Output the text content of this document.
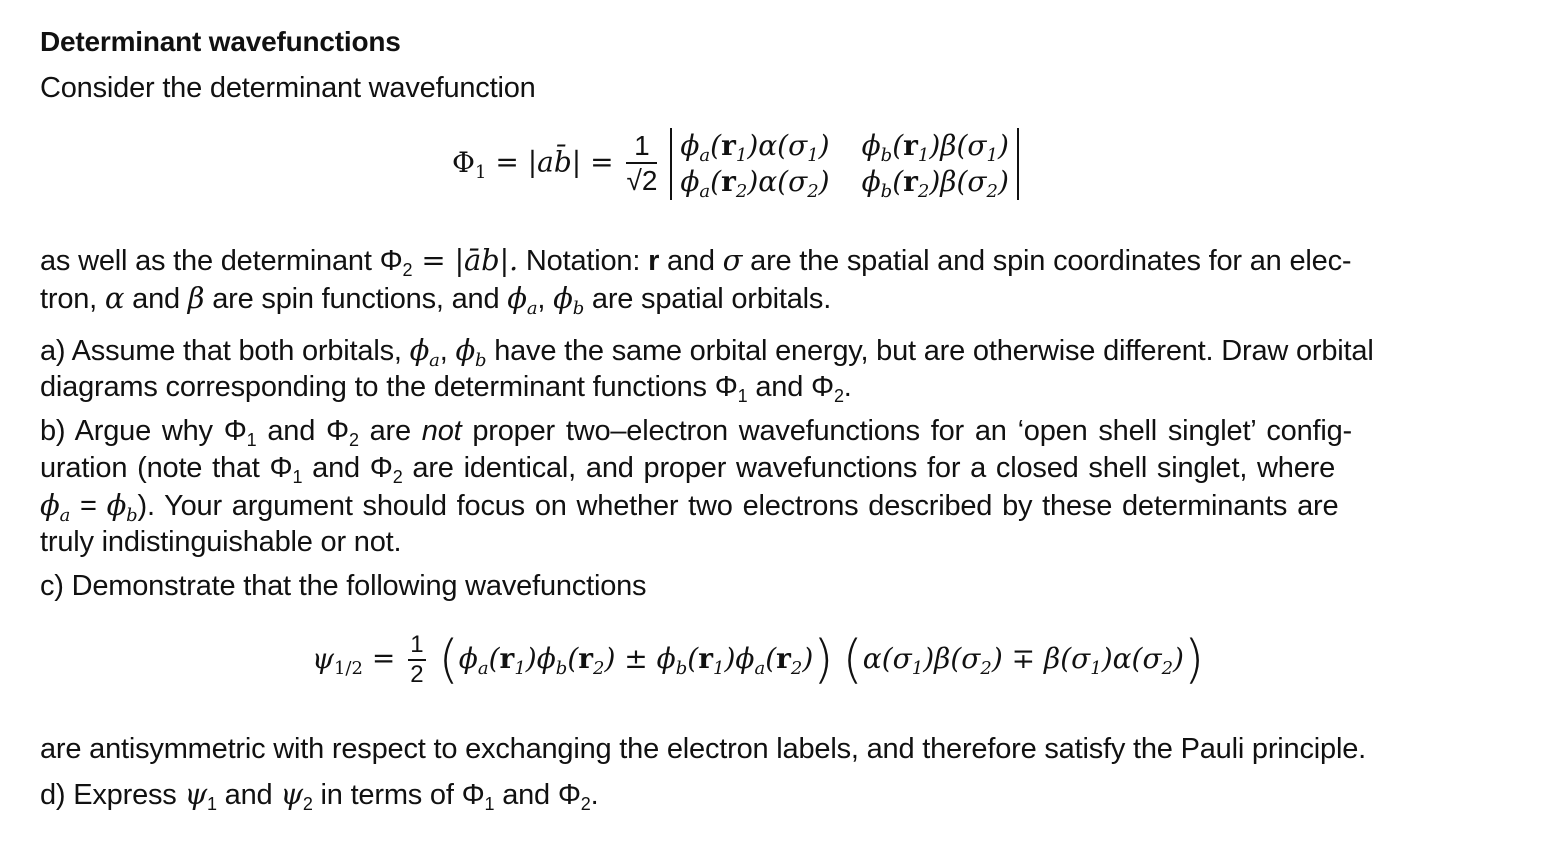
Determinant wavefunctions
Consider the determinant wavefunction
$\Phi_1$ = |ab̄| = $\frac{1}{√2}$
$\phi_a(r_1)\alpha(\sigma_1)$ $\phi_b(r_1)\beta(\sigma_1)$
$\phi_a(r_2)\alpha(\sigma_2)$ $\phi_b(r_2)\beta(\sigma_2)$
as well as the determinant $\Phi_2$ = |āb|. Notation: r and σ are the spatial and spin coordinates for an elec-
tron, α and β are spin functions, and $\phi_a$, $\phi_b$ are spatial orbitals.
a) Assume that both orbitals, $\phi_a$, $\phi_b$ have the same orbital energy, but are otherwise different. Draw orbital
diagrams corresponding to the determinant functions $\Phi_1$ and $\Phi_2$.
b) Argue why $\Phi_1$ and $\Phi_2$ are not proper two–electron wavefunctions for an ‘open shell singlet’ config-
uration (note that $\Phi_1$ and $\Phi_2$ are identical, and proper wavefunctions for a closed shell singlet, where
$\phi_a = \phi_b$). Your argument should focus on whether two electrons described by these determinants are
truly indistinguishable or not.
c) Demonstrate that the following wavefunctions
$\psi_{1/2} = \frac{1}{2} (\phi_a(r_1)\phi_b(r_2) \pm \phi_b(r_1)\phi_a(r_2)) (\alpha(\sigma_1)\beta(\sigma_2) \mp \beta(\sigma_1)\alpha(\sigma_2))$
are antisymmetric with respect to exchanging the electron labels, and therefore satisfy the Pauli principle.
d) Express $\psi_1$ and $\psi_2$ in terms of $\Phi_1$ and $\Phi_2$.
